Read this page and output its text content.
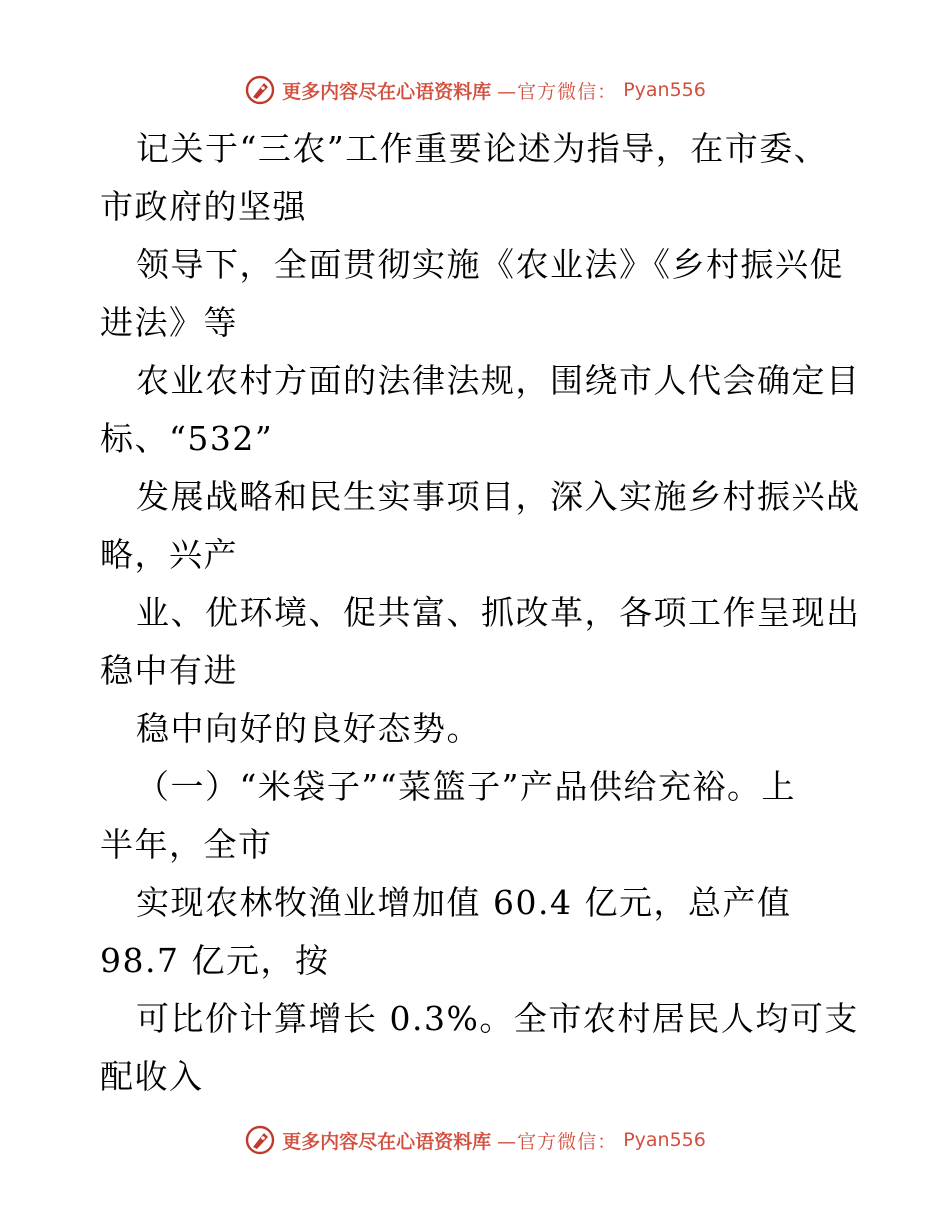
更多内容尽在心语资料库 —官方微信： Pyan556
记关于“三农”工作重要论述为指导，在市委、
市政府的坚强
领导下，全面贯彻实施《农业法》《乡村振兴促
进法》等
农业农村方面的法律法规，围绕市人代会确定目
标、“532”
发展战略和民生实事项目，深入实施乡村振兴战
略，兴产
业、优环境、促共富、抓改革，各项工作呈现出
稳中有进
稳中向好的良好态势。
（一）“米袋子”“菜篮子”产品供给充裕。上
半年，全市
实现农林牧渔业增加值 60.4 亿元，总产值
98.7 亿元，按
可比价计算增长 0.3%。全市农村居民人均可支
配收入
更多内容尽在心语资料库 —官方微信： Pyan556
